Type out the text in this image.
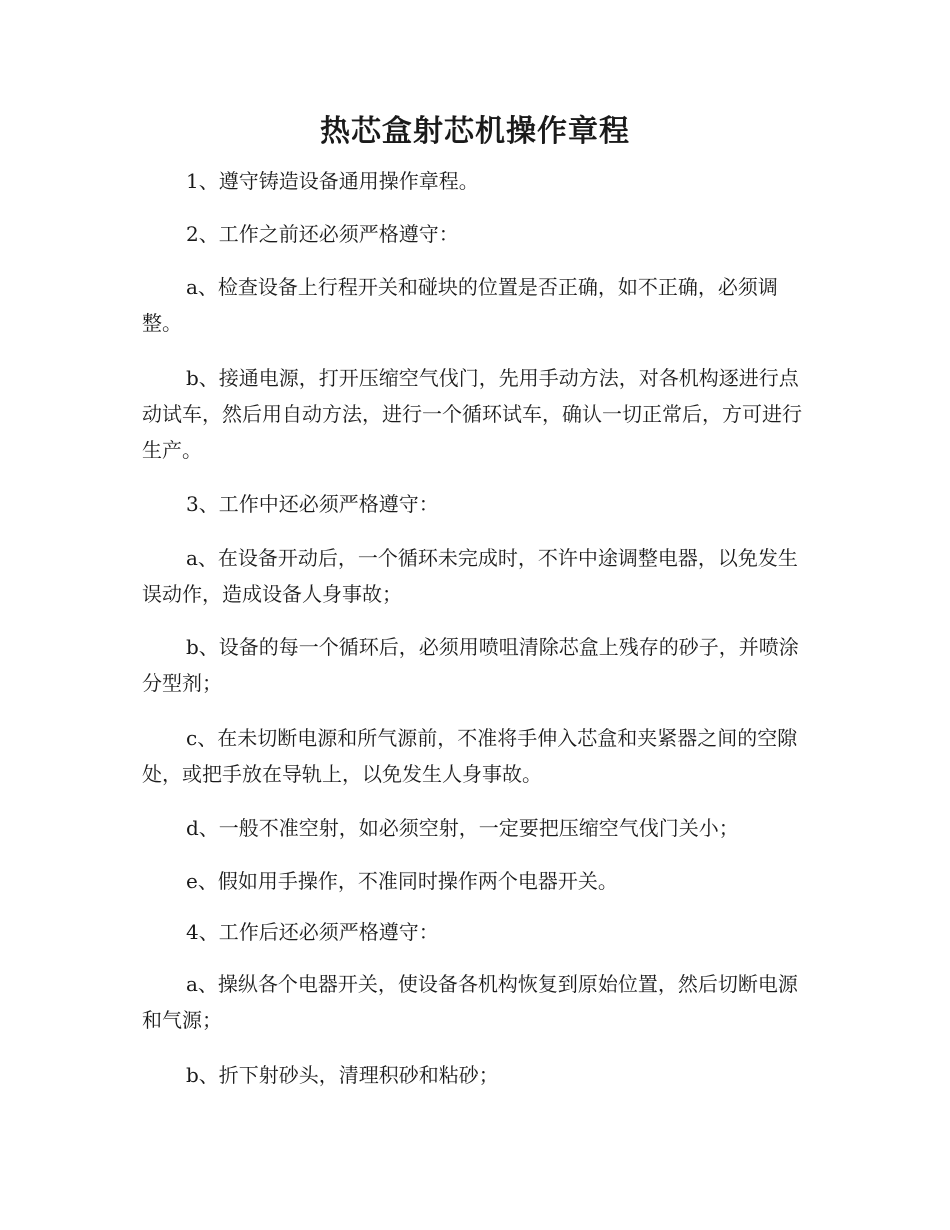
热芯盒射芯机操作章程

1、遵守铸造设备通用操作章程。

2、工作之前还必须严格遵守：

a、检查设备上行程开关和碰块的位置是否正确，如不正确，必须调整。

b、接通电源，打开压缩空气伐门，先用手动方法，对各机构逐进行点动试车，然后用自动方法，进行一个循环试车，确认一切正常后，方可进行生产。

3、工作中还必须严格遵守：

a、在设备开动后，一个循环未完成时，不许中途调整电器，以免发生误动作，造成设备人身事故；

b、设备的每一个循环后，必须用喷咀清除芯盒上残存的砂子，并喷涂分型剂；

c、在未切断电源和所气源前，不准将手伸入芯盒和夹紧器之间的空隙处，或把手放在导轨上，以免发生人身事故。

d、一般不准空射，如必须空射，一定要把压缩空气伐门关小；

e、假如用手操作，不准同时操作两个电器开关。

4、工作后还必须严格遵守：

a、操纵各个电器开关，使设备各机构恢复到原始位置，然后切断电源和气源；

b、折下射砂头，清理积砂和粘砂；
